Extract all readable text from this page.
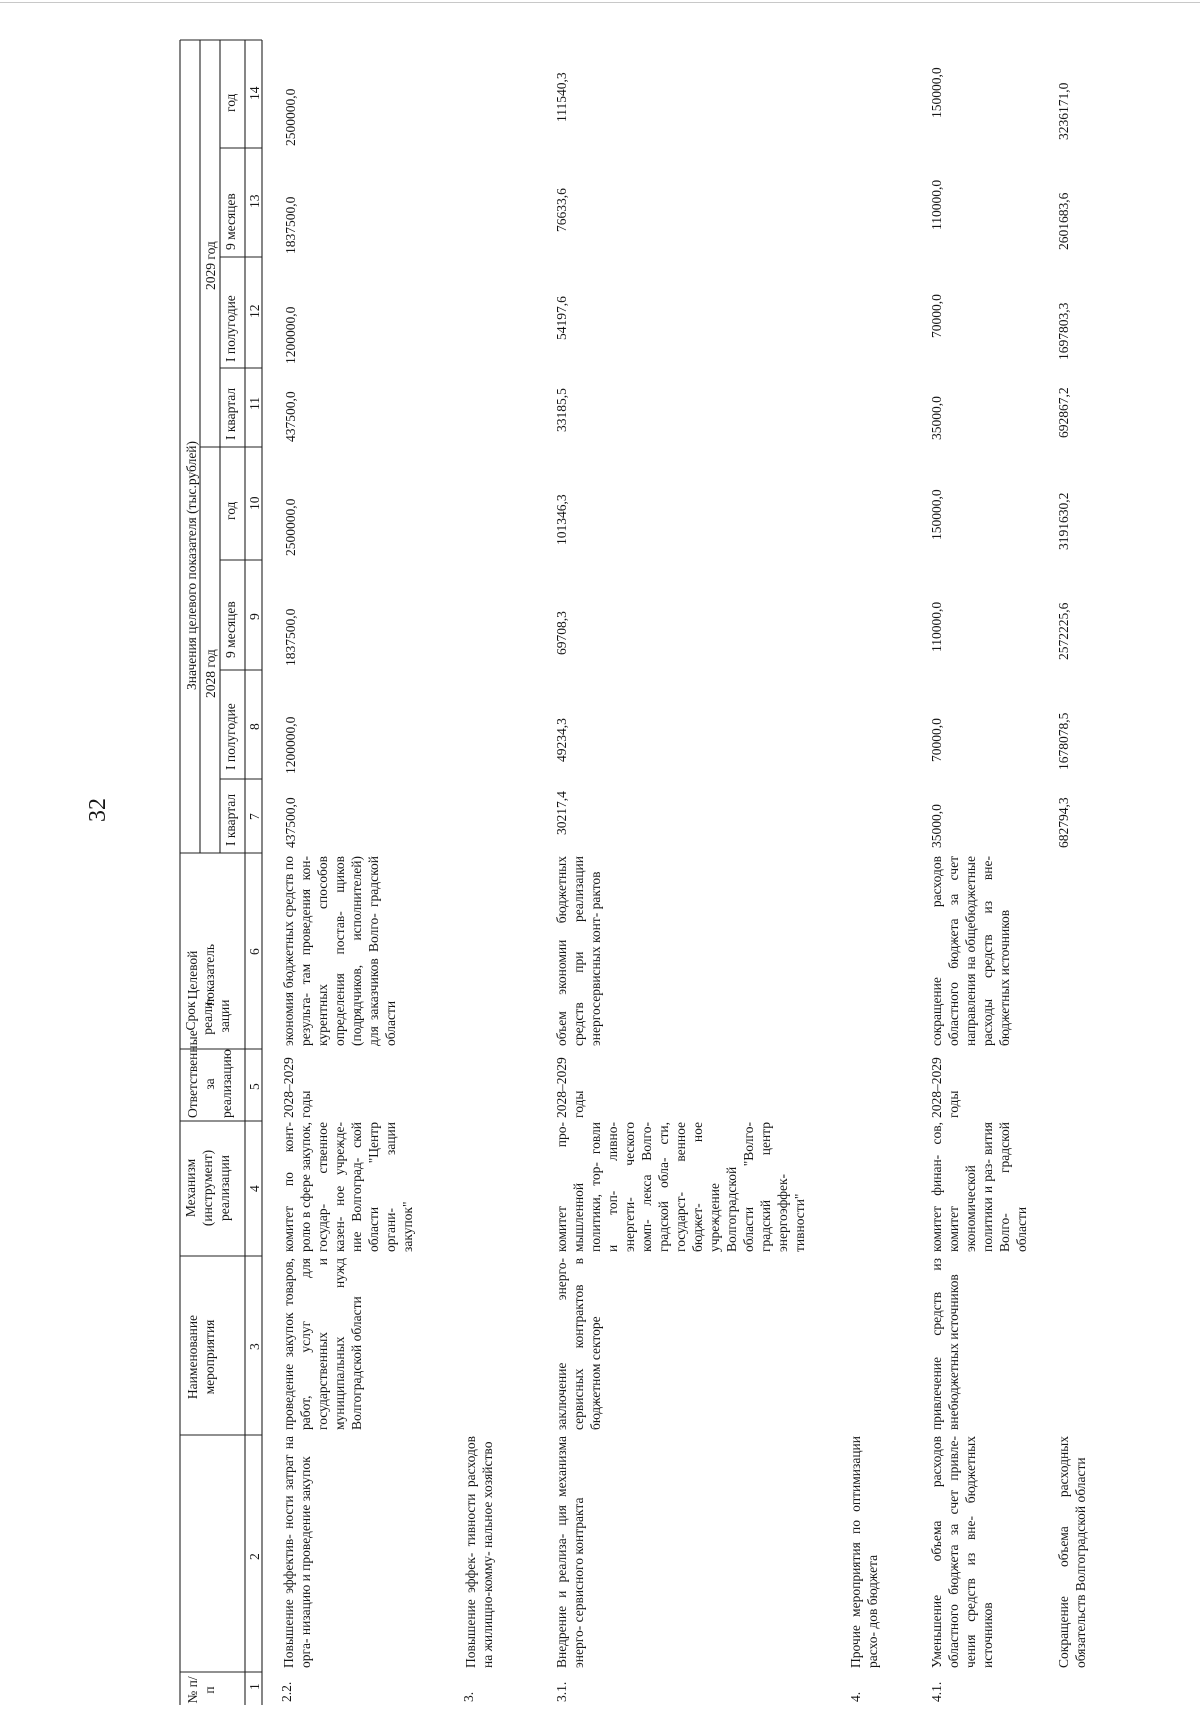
32
№ п/п
Наименование мероприятия
Механизм (инструмент) реализации
Ответственные за реализацию
Срок реали- зации
Целевой показатель
Значения целевого показателя (тыс.рублей) 2028 год
2029 год
I квартал
I полугодие
9 месяцев
год
I квартал
I полугодие
9 месяцев
год
1
2
3
4
5
6
7
8
9
10
11
12
13
14
2.2.
Повышение эффектив- ности затрат на орга- низацию и проведение закупок
проведение закупок товаров, работ, услуг для государственных и муниципальных нужд Волгоградской области
комитет по конт- ролю в сфере закупок, государ- ственное казен- ное учрежде- ние Волгоград- ской области "Центр органи- зации закупок"
2028–2029 годы
экономия бюджетных средств по результа- там проведения кон- курентных способов определения постав- щиков (подрядчиков, исполнителей) для заказчиков Волго- градской области
437500,0
1200000,0
1837500,0
2500000,0
437500,0
1200000,0
1837500,0
2500000,0
3.
Повышение эффек- тивности расходов на жилищно-комму- нальное хозяйство
3.1.
Внедрение и реализа- ция механизма энерго- сервисного контракта
заключение энерго- сервисных контрактов в бюджетном секторе
комитет про- мышленной политики, тор- говли и топ- ливно-энергети- ческого комп- лекса Волго- градской обла- сти, государст- венное бюджет- ное учреждение Волгоградской области "Волго- градский центр энергоэффек- тивности"
2028–2029 годы
объем экономии бюджетных средств при реализации энергосервисных конт- рактов
30217,4
49234,3
69708,3
101346,3
33185,5
54197,6
76633,6
111540,3
4.
Прочие мероприятия по оптимизации расхо- дов бюджета
4.1.
Уменьшение объема расходов областного бюджета за счет привле- чения средств из вне- бюджетных источников
привлечение средств из внебюджетных источников
комитет финан- сов, комитет экономической политики и раз- вития Волго- градской области
2028–2029 годы
сокращение расходов областного бюджета за счет направления на общебюджетные расходы средств из вне- бюджетных источников
35000,0
70000,0
110000,0
150000,0
35000,0
70000,0
110000,0
150000,0
Сокращение объема расходных обязательств Волгоградской области
682794,3
1678078,5
2572225,6
3191630,2
692867,2
1697803,3
2601683,6
3236171,0
